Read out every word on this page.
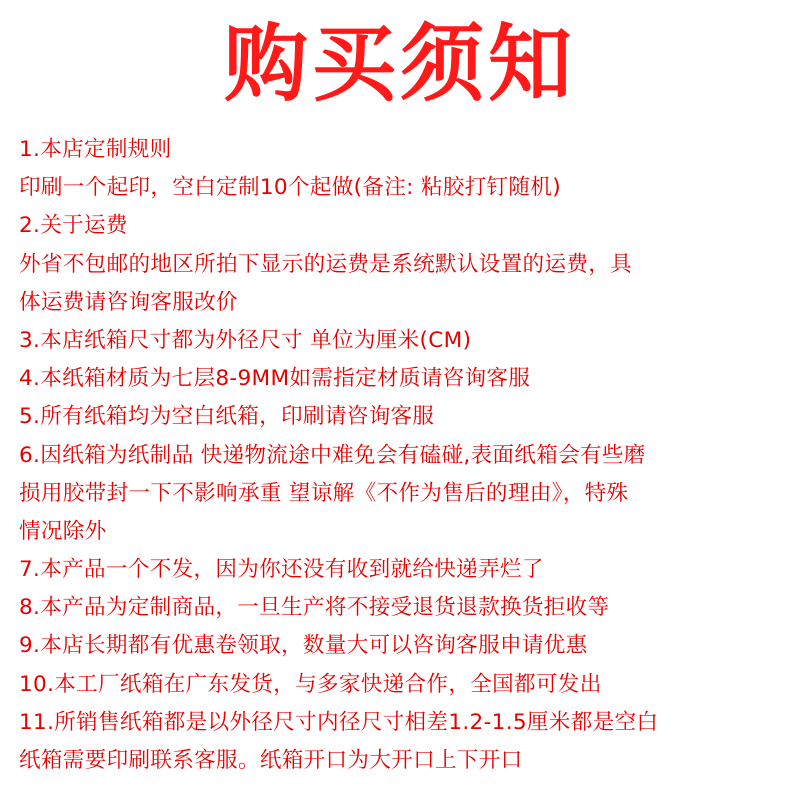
购买须知
1.本店定制规则
印刷一个起印，空白定制10个起做(备注: 粘胶打钉随机)
2.关于运费
外省不包邮的地区所拍下显示的运费是系统默认设置的运费，具
体运费请咨询客服改价
3.本店纸箱尺寸都为外径尺寸 单位为厘米(CM)
4.本纸箱材质为七层8-9MM如需指定材质请咨询客服
5.所有纸箱均为空白纸箱，印刷请咨询客服
6.因纸箱为纸制品 快递物流途中难免会有磕碰,表面纸箱会有些磨
损用胶带封一下不影响承重 望谅解《不作为售后的理由》，特殊
情况除外
7.本产品一个不发，因为你还没有收到就给快递弄烂了
8.本产品为定制商品，一旦生产将不接受退货退款换货拒收等
9.本店长期都有优惠卷领取，数量大可以咨询客服申请优惠
10.本工厂纸箱在广东发货，与多家快递合作，全国都可发出
11.所销售纸箱都是以外径尺寸内径尺寸相差1.2-1.5厘米都是空白
纸箱需要印刷联系客服。纸箱开口为大开口上下开口
